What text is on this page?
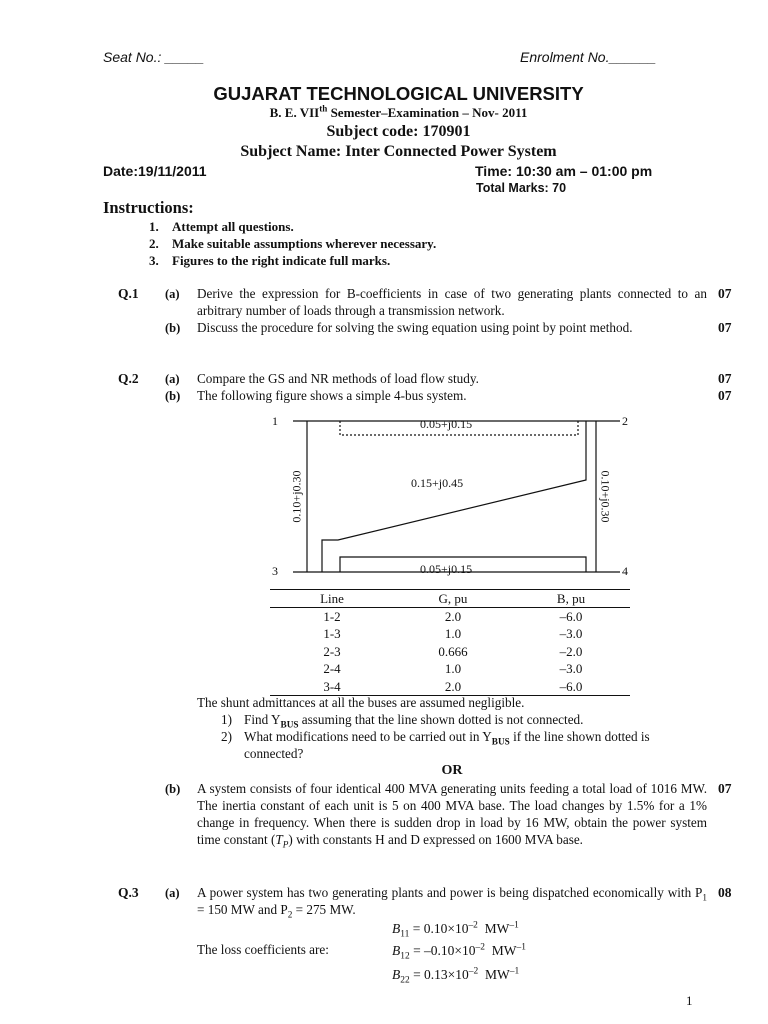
Seat No.: _____	Enrolment No.______
GUJARAT TECHNOLOGICAL UNIVERSITY
B. E. VIIth Semester–Examination – Nov- 2011
Subject code: 170901
Subject Name: Inter Connected Power System
Date:19/11/2011	Time: 10:30 am – 01:00 pm
Total Marks: 70
Instructions:
1. Attempt all questions.
2. Make suitable assumptions wherever necessary.
3. Figures to the right indicate full marks.
Q.1 (a) Derive the expression for B-coefficients in case of two generating plants connected to an arbitrary number of loads through a transmission network.
07
(b) Discuss the procedure for solving the swing equation using point by point method.	07
Q.2 (a) Compare the GS and NR methods of load flow study.	07
(b) The following figure shows a simple 4-bus system.	07
1	2
3	4
0.05+j0.15
0.15+j0.45
0.05+j0.15
0.10+j0.30	0.10+j0.30
Line	G, pu	B, pu
1-2	2.0	–6.0
1-3	1.0	–3.0
2-3	0.666	–2.0
2-4	1.0	–3.0
3-4	2.0	–6.0
The shunt admittances at all the buses are assumed negligible.
1) Find $Y_{BUS}$ assuming that the line shown dotted is not connected.
2) What modifications need to be carried out in $Y_{BUS}$ if the line shown dotted is connected?
OR
(b) A system consists of four identical 400 MVA generating units feeding a total load of 1016 MW. The inertia constant of each unit is 5 on 400 MVA base. The load changes by 1.5% for a 1% change in frequency. When there is sudden drop in load by 16 MW, obtain the power system time constant $(T_P)$ with constants H and D expressed on 1600 MVA base.
07
Q.3 (a) A power system has two generating plants and power is being dispatched economically with $P_1 = 150$ MW and $P_2 = 275$ MW.
08
$B_{11} = 0.10\times 10^{-2}$  $MW^{-1}$
The loss coefficients are:	$B_{12} = -0.10\times 10^{-2}$  $MW^{-1}$
$B_{22} = 0.13\times 10^{-2}$  $MW^{-1}$
1
